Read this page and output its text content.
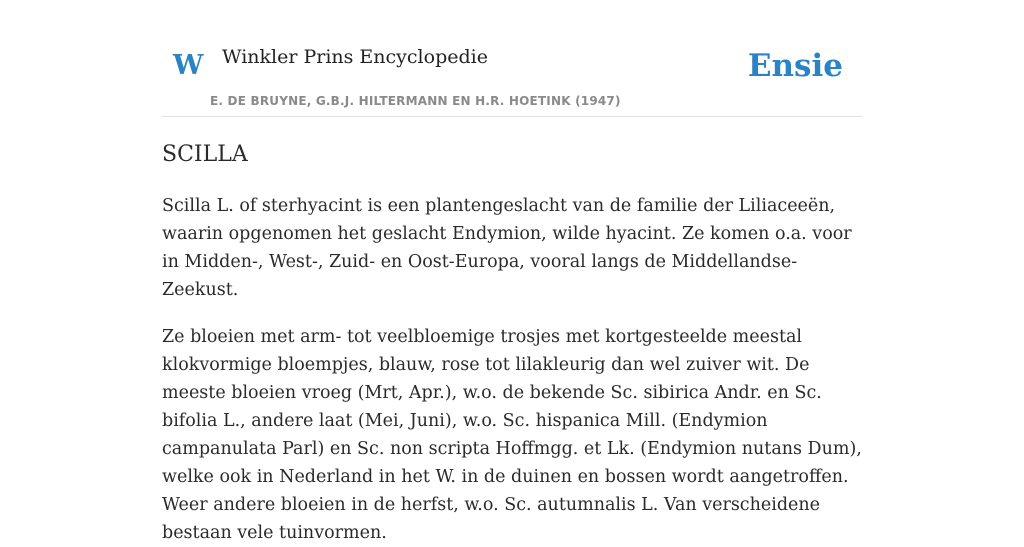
W Winkler Prins Encyclopedie
E. DE BRUYNE, G.B.J. HILTERMANN EN H.R. HOETINK (1947)
Ensie
SCILLA

Scilla L. of sterhyacint is een plantengeslacht van de familie der Liliaceeën, waarin opgenomen het geslacht Endymion, wilde hyacint. Ze komen o.a. voor in Midden-, West-, Zuid- en Oost-Europa, vooral langs de Middellandse-Zeekust.

Ze bloeien met arm- tot veelbloemige trosjes met kortgesteelde meestal klokvormige bloempjes, blauw, rose tot lilakleurig dan wel zuiver wit. De meeste bloeien vroeg (Mrt, Apr.), w.o. de bekende Sc. sibirica Andr. en Sc. bifolia L., andere laat (Mei, Juni), w.o. Sc. hispanica Mill. (Endymion campanulata Parl) en Sc. non scripta Hoffmgg. et Lk. (Endymion nutans Dum), welke ook in Nederland in het W. in de duinen en bossen wordt aangetroffen. Weer andere bloeien in de herfst, w.o. Sc. autumnalis L. Van verscheidene bestaan vele tuinvormen.
